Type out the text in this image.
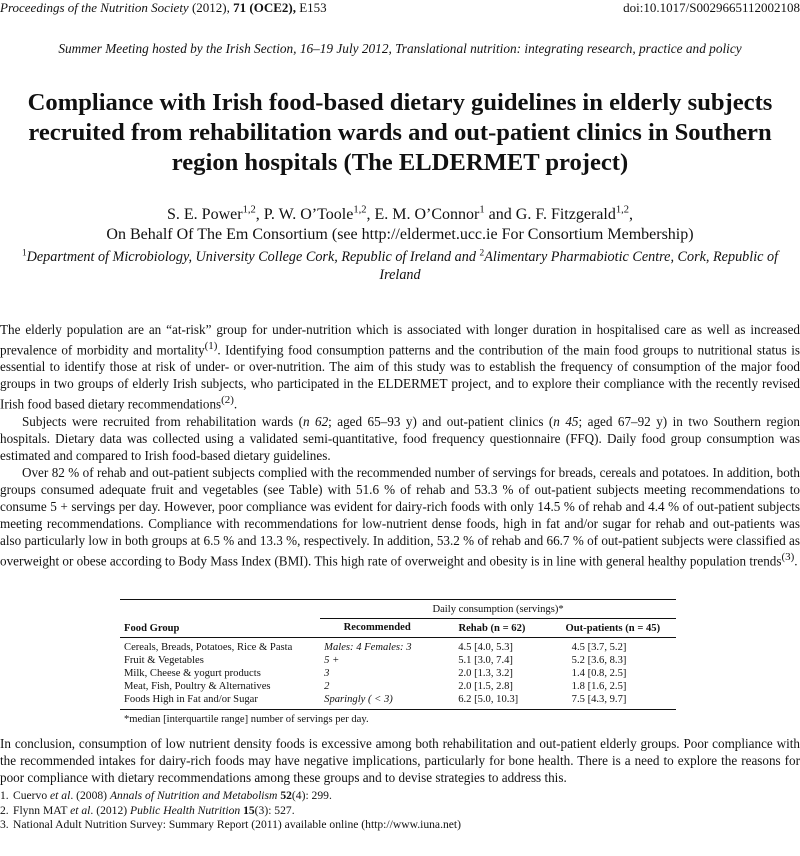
Proceedings of the Nutrition Society (2012), 71 (OCE2), E153	doi:10.1017/S0029665112002108
Summer Meeting hosted by the Irish Section, 16–19 July 2012, Translational nutrition: integrating research, practice and policy
Compliance with Irish food-based dietary guidelines in elderly subjects recruited from rehabilitation wards and out-patient clinics in Southern region hospitals (The ELDERMET project)
S. E. Power$^{1,2}$, P. W. O’Toole$^{1,2}$, E. M. O’Connor$^1$ and G. F. Fitzgerald$^{1,2}$,
On Behalf Of The Em Consortium (see http://eldermet.ucc.ie For Consortium Membership)
$^1$Department of Microbiology, University College Cork, Republic of Ireland and $^2$Alimentary Pharmabiotic Centre, Cork, Republic of Ireland

The elderly population are an “at-risk” group for under-nutrition which is associated with longer duration in hospitalised care as well as increased prevalence of morbidity and mortality$^{(1)}$. Identifying food consumption patterns and the contribution of the main food groups to nutritional status is essential to identify those at risk of under- or over-nutrition. The aim of this study was to establish the frequency of consumption of the major food groups in two groups of elderly Irish subjects, who participated in the ELDERMET project, and to explore their compliance with the recently revised Irish food based dietary recommendations$^{(2)}$.

Subjects were recruited from rehabilitation wards (n 62; aged 65–93 y) and out-patient clinics (n 45; aged 67–92 y) in two Southern region hospitals. Dietary data was collected using a validated semi-quantitative, food frequency questionnaire (FFQ). Daily food group consumption was estimated and compared to Irish food-based dietary guidelines.

Over 82 % of rehab and out-patient subjects complied with the recommended number of servings for breads, cereals and potatoes. In addition, both groups consumed adequate fruit and vegetables (see Table) with 51.6 % of rehab and 53.3 % of out-patient subjects meeting recommendations to consume 5 + servings per day. However, poor compliance was evident for dairy-rich foods with only 14.5 % of rehab and 4.4 % of out-patient subjects meeting recommendations. Compliance with recommendations for low-nutrient dense foods, high in fat and/or sugar for rehab and out-patients was also particularly low in both groups at 6.5 % and 13.3 %, respectively. In addition, 53.2 % of rehab and 66.7 % of out-patient subjects were classified as overweight or obese according to Body Mass Index (BMI). This high rate of overweight and obesity is in line with general healthy population trends$^{(3)}$.

Food Group	Daily consumption (servings)*		
	Recommended	Rehab (n = 62)	Out-patients (n = 45)
Cereals, Breads, Potatoes, Rice & Pasta	Males: 4 Females: 3	4.5 [4.0, 5.3]	4.5 [3.7, 5.2]
Fruit & Vegetables	5 +	5.1 [3.0, 7.4]	5.2 [3.6, 8.3]
Milk, Cheese & yogurt products	3	2.0 [1.3, 3.2]	1.4 [0.8, 2.5]
Meat, Fish, Poultry & Alternatives	2	2.0 [1.5, 2.8]	1.8 [1.6, 2.5]
Foods High in Fat and/or Sugar	Sparingly ( < 3)	6.2 [5.0, 10.3]	7.5 [4.3, 9.7]
*median [interquartile range] number of servings per day.

In conclusion, consumption of low nutrient density foods is excessive among both rehabilitation and out-patient elderly groups. Poor compliance with the recommended intakes for dairy-rich foods may have negative implications, particularly for bone health. There is a need to explore the reasons for poor compliance with dietary recommendations among these groups and to devise strategies to address this.

1. Cuervo et al. (2008) Annals of Nutrition and Metabolism 52(4): 299.
2. Flynn MAT et al. (2012) Public Health Nutrition 15(3): 527.
3. National Adult Nutrition Survey: Summary Report (2011) available online (http://www.iuna.net)
